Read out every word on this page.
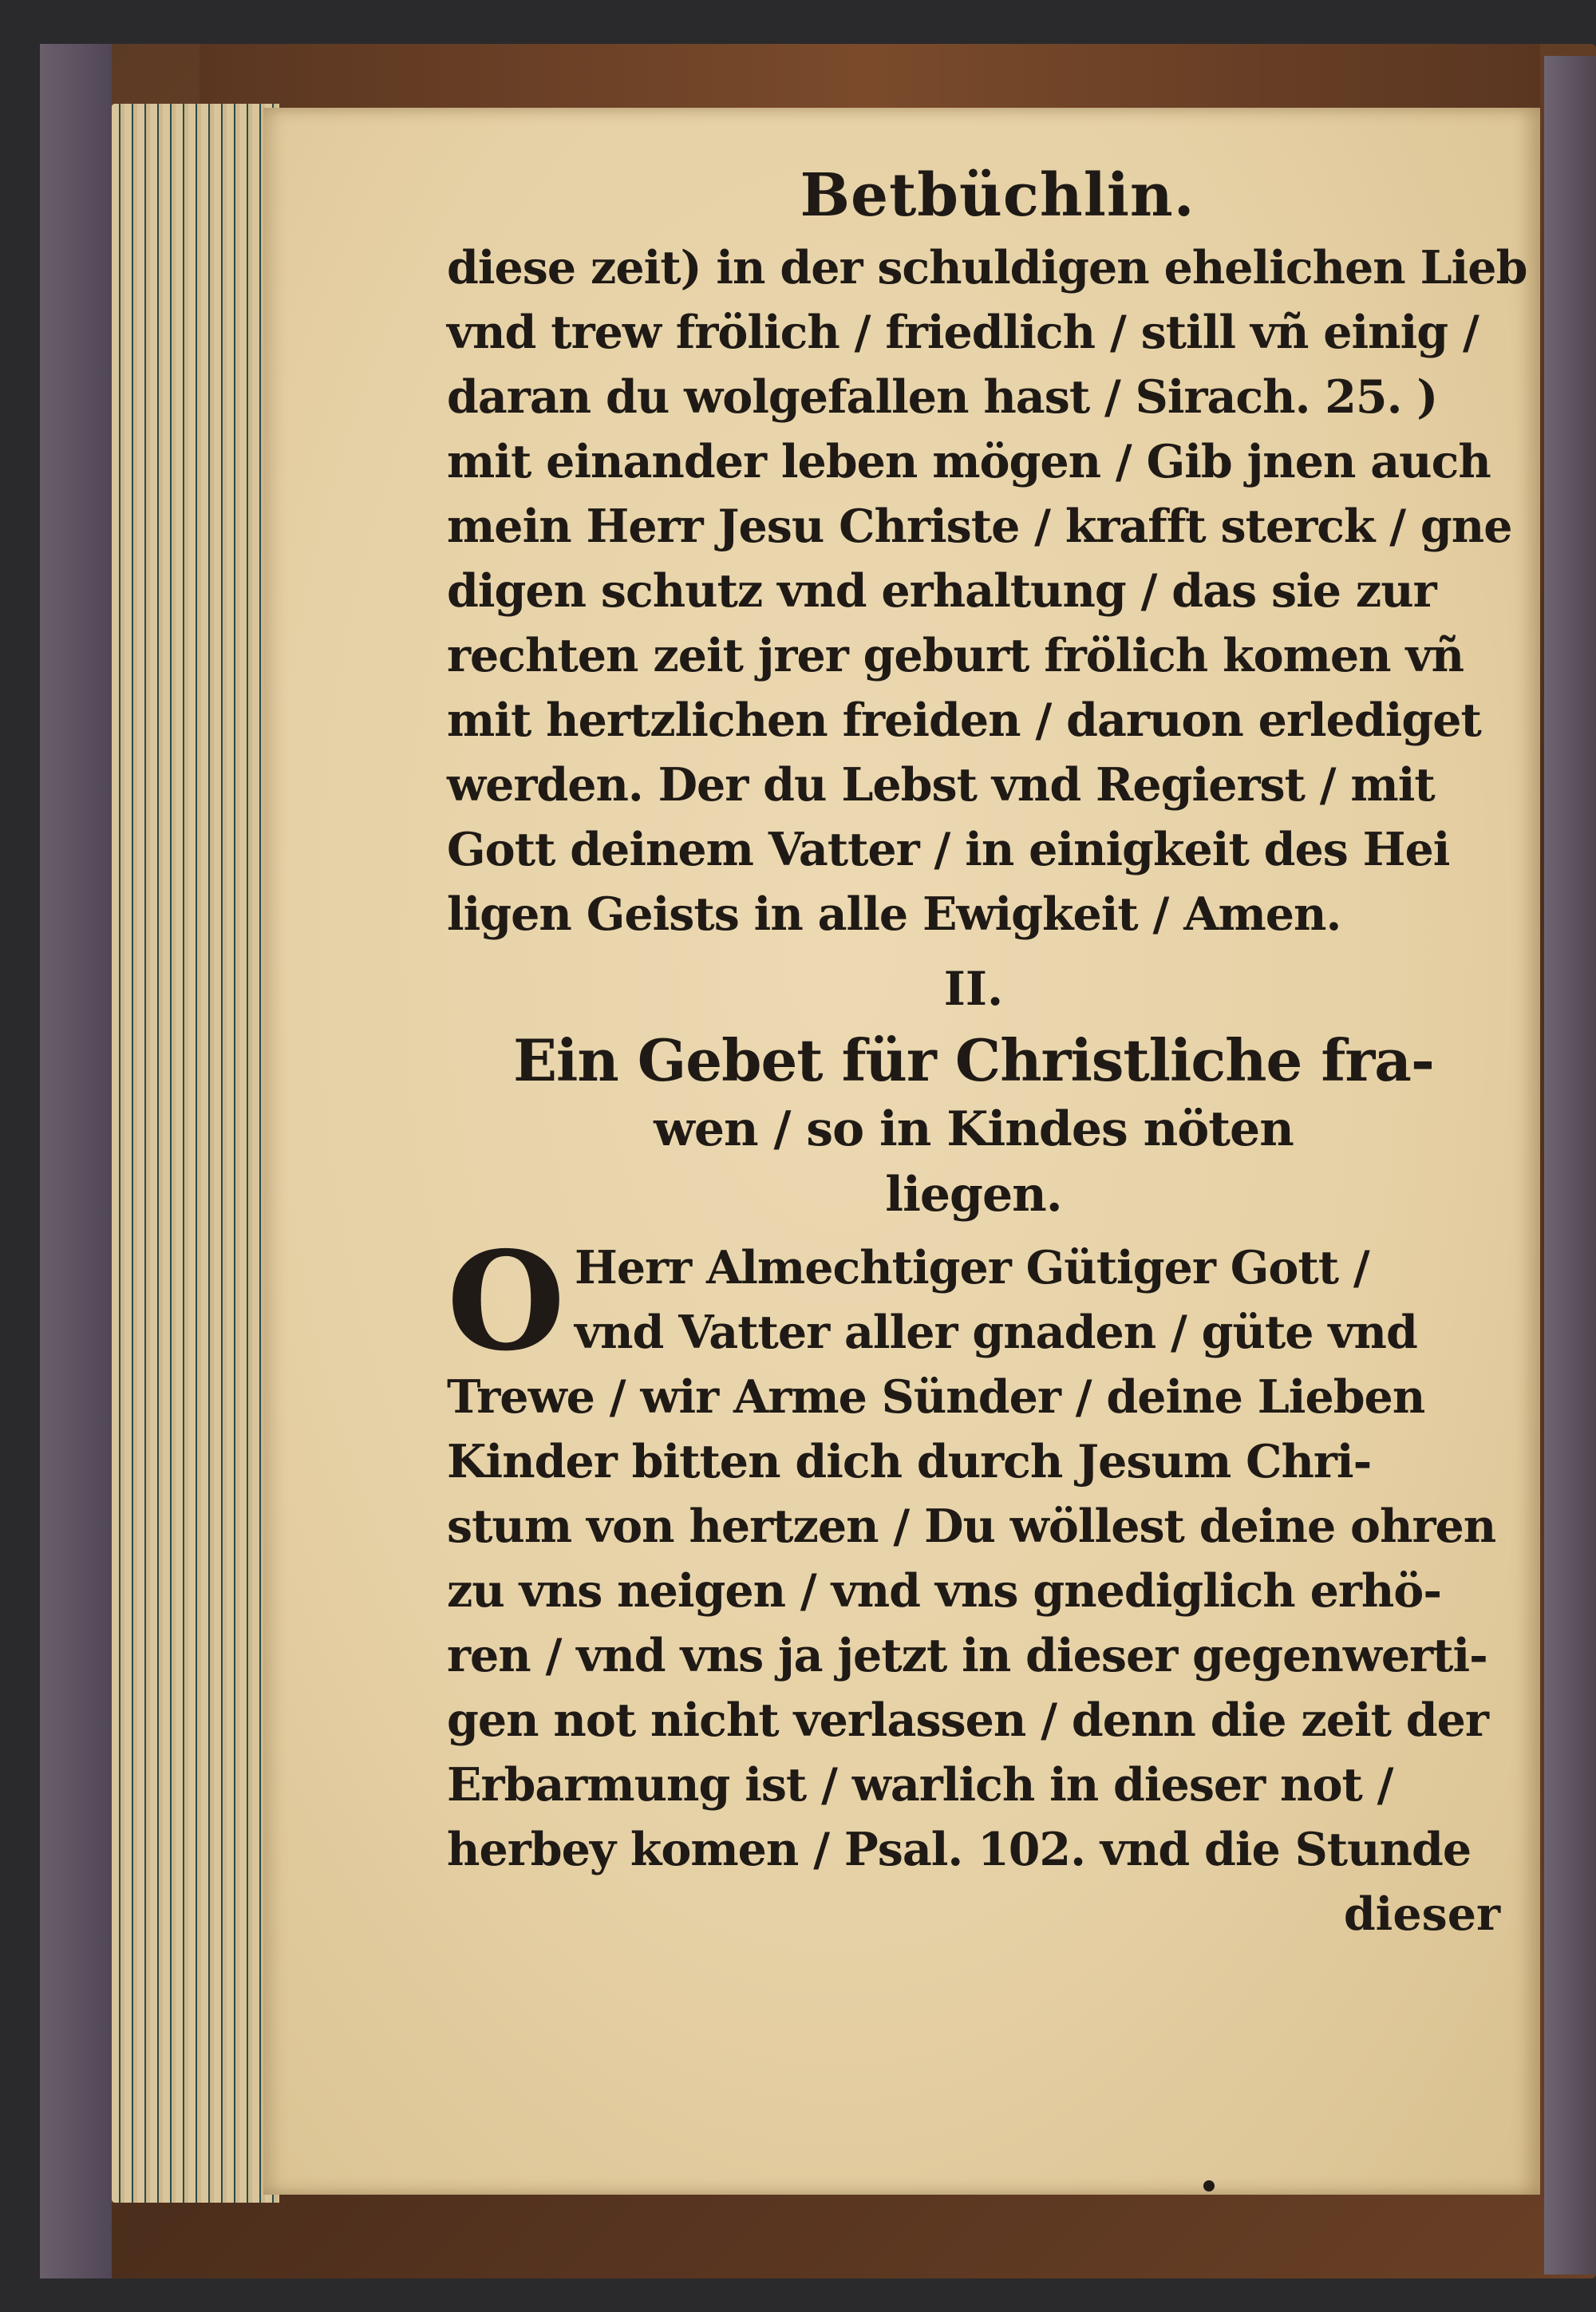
Betbüchlin.
diese zeit) in der schuldigen ehelichen Lieb
vnd trew frölich / friedlich / still vñ einig /
daran du wolgefallen hast / Sirach. 25. )
mit einander leben mögen / Gib jnen auch
mein Herr Jesu Christe / krafft sterck / gne
digen schutz vnd erhaltung / das sie zur
rechten zeit jrer geburt frölich komen vñ
mit hertzlichen freiden / daruon erlediget
werden. Der du Lebst vnd Regierst / mit
Gott deinem Vatter / in einigkeit des Hei
ligen Geists in alle Ewigkeit / Amen.
II.
Ein Gebet für Christliche fra-
wen / so in Kindes nöten
liegen.
O Herr Almechtiger Gütiger Gott /
vnd Vatter aller gnaden / güte vnd
Trewe / wir Arme Sünder / deine Lieben
Kinder bitten dich durch Jesum Chri-
stum von hertzen / Du wöllest deine ohren
zu vns neigen / vnd vns gnediglich erhö-
ren / vnd vns ja jetzt in dieser gegenwerti-
gen not nicht verlassen / denn die zeit der
Erbarmung ist / warlich in dieser not /
herbey komen / Psal. 102. vnd die Stunde
dieser
